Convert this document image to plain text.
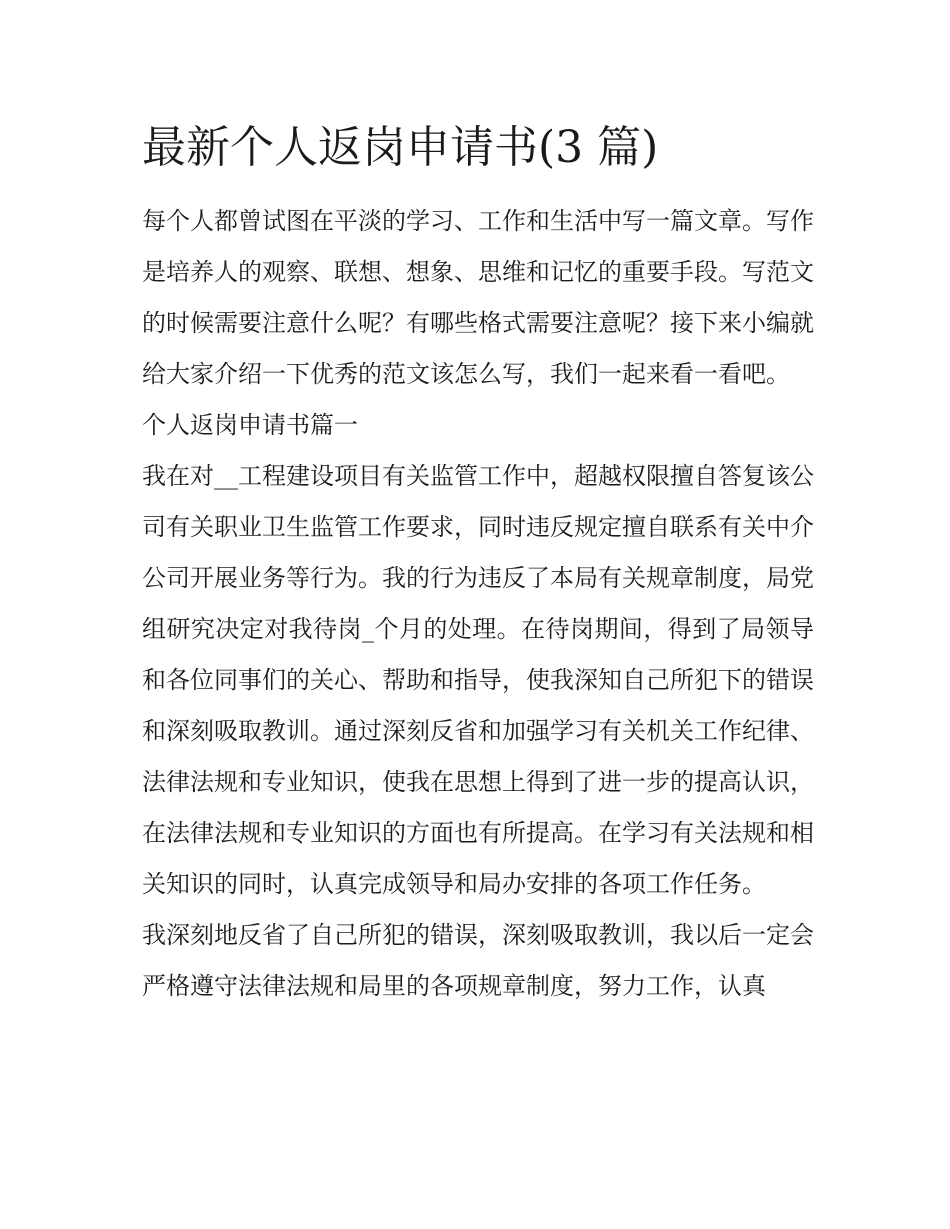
最新个人返岗申请书(3 篇)

每个人都曾试图在平淡的学习、工作和生活中写一篇文章。写作是培养人的观察、联想、想象、思维和记忆的重要手段。写范文的时候需要注意什么呢？有哪些格式需要注意呢？接下来小编就给大家介绍一下优秀的范文该怎么写，我们一起来看一看吧。

个人返岗申请书篇一

我在对__工程建设项目有关监管工作中，超越权限擅自答复该公司有关职业卫生监管工作要求，同时违反规定擅自联系有关中介公司开展业务等行为。我的行为违反了本局有关规章制度，局党组研究决定对我待岗_个月的处理。在待岗期间，得到了局领导和各位同事们的关心、帮助和指导，使我深知自己所犯下的错误和深刻吸取教训。通过深刻反省和加强学习有关机关工作纪律、法律法规和专业知识，使我在思想上得到了进一步的提高认识，在法律法规和专业知识的方面也有所提高。在学习有关法规和相关知识的同时，认真完成领导和局办安排的各项工作任务。

我深刻地反省了自己所犯的错误，深刻吸取教训，我以后一定会严格遵守法律法规和局里的各项规章制度，努力工作，认真
